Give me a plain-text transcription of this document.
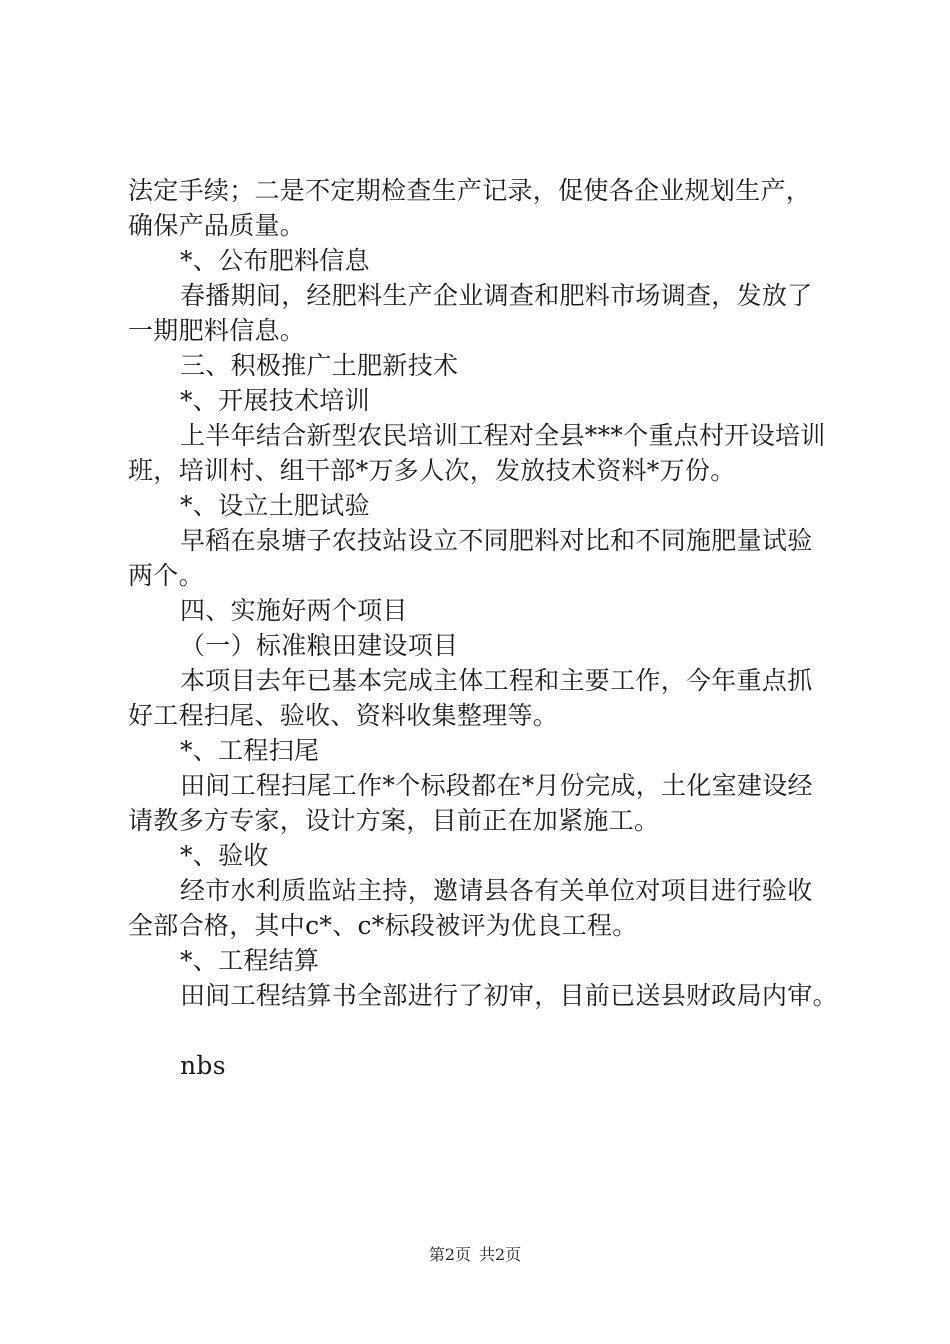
法定手续；二是不定期检查生产记录，促使各企业规划生产，
确保产品质量。
*、公布肥料信息
春播期间，经肥料生产企业调查和肥料市场调查，发放了
一期肥料信息。
三、积极推广土肥新技术
*、开展技术培训
上半年结合新型农民培训工程对全县***个重点村开设培训
班，培训村、组干部*万多人次，发放技术资料*万份。
*、设立土肥试验
早稻在泉塘子农技站设立不同肥料对比和不同施肥量试验
两个。
四、实施好两个项目
（一）标准粮田建设项目
本项目去年已基本完成主体工程和主要工作，今年重点抓
好工程扫尾、验收、资料收集整理等。
*、工程扫尾
田间工程扫尾工作*个标段都在*月份完成，土化室建设经
请教多方专家，设计方案，目前正在加紧施工。
*、验收
经市水利质监站主持，邀请县各有关单位对项目进行验收
全部合格，其中c*、c*标段被评为优良工程。
*、工程结算
田间工程结算书全部进行了初审，目前已送县财政局内审。
nbs
第2页 共2页
